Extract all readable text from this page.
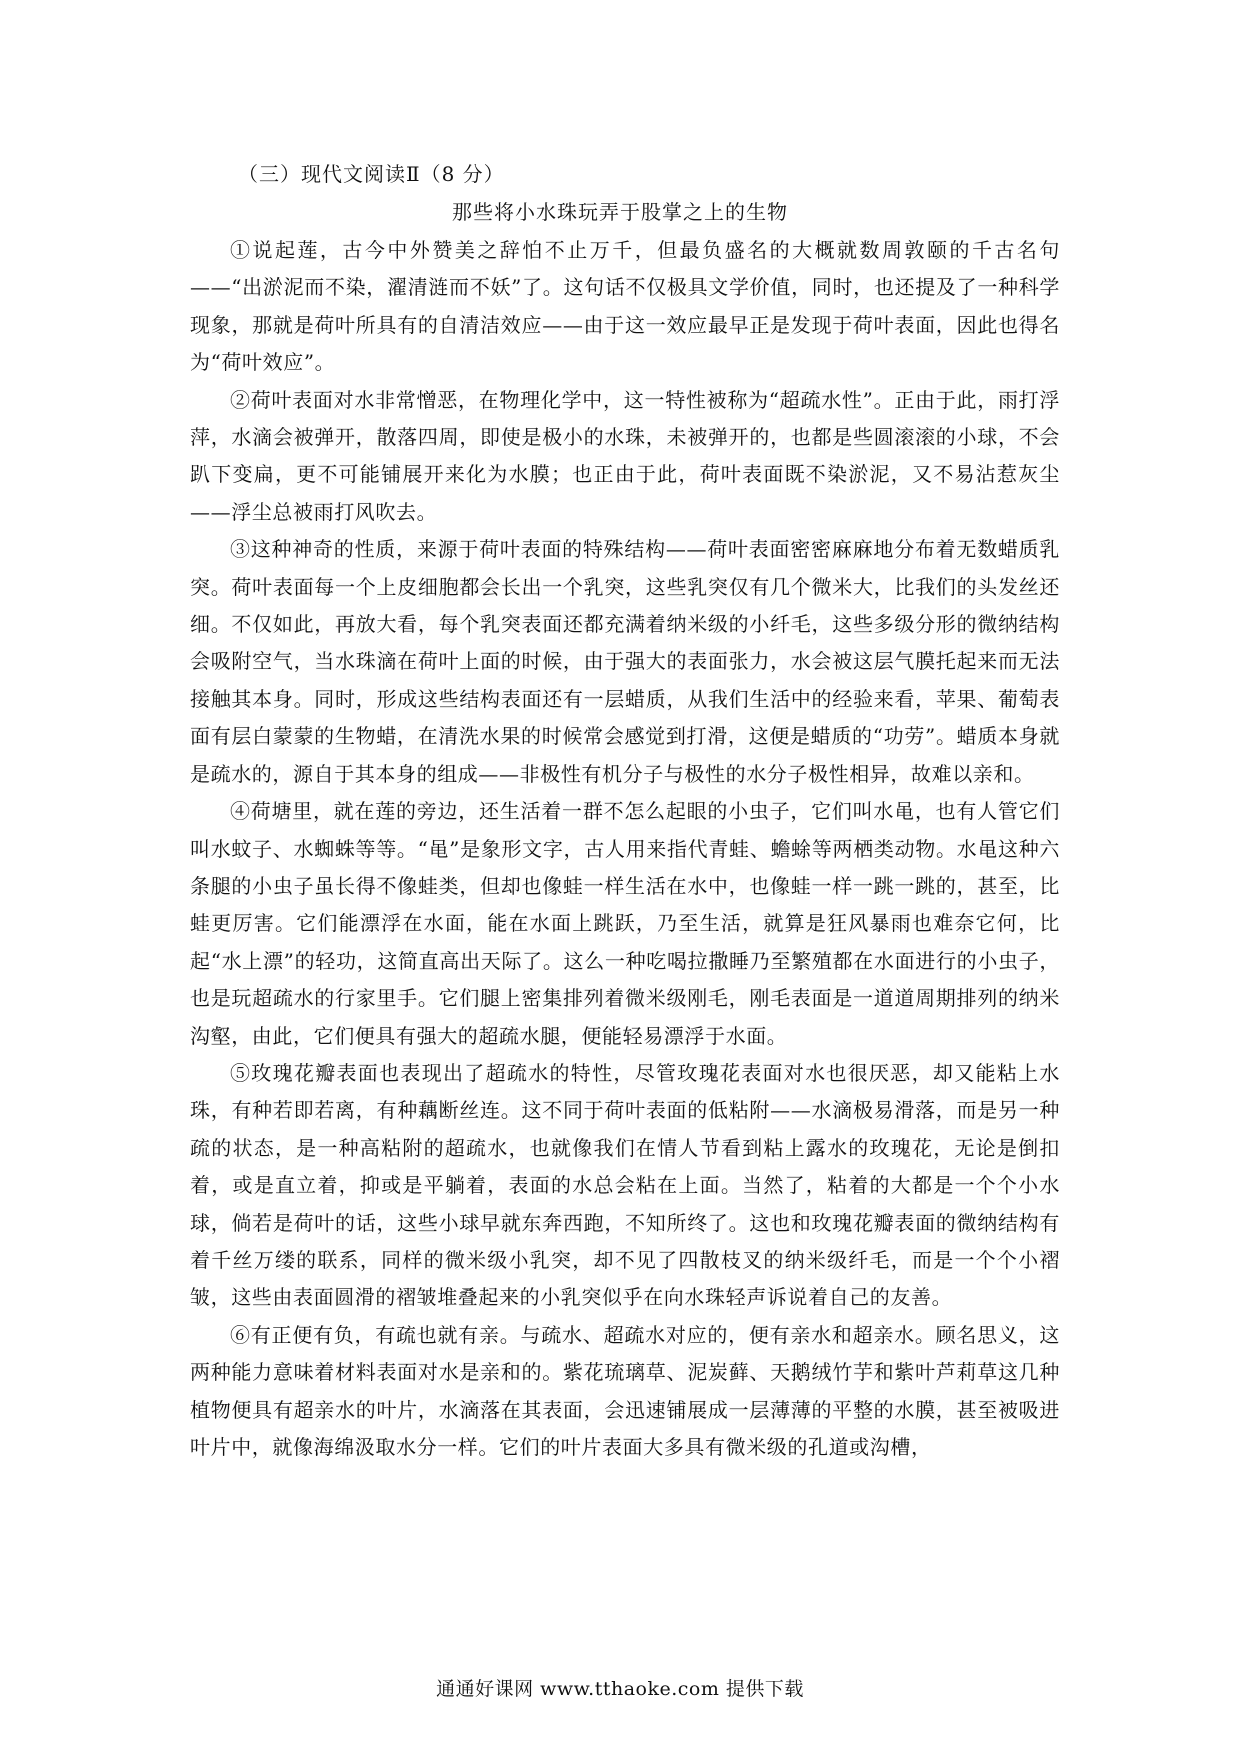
（三）现代文阅读Ⅱ（8 分）
那些将小水珠玩弄于股掌之上的生物

①说起莲，古今中外赞美之辞怕不止万千，但最负盛名的大概就数周敦颐的千古名句——“出淤泥而不染，濯清涟而不妖”了。这句话不仅极具文学价值，同时，也还提及了一种科学现象，那就是荷叶所具有的自清洁效应——由于这一效应最早正是发现于荷叶表面，因此也得名为“荷叶效应”。

②荷叶表面对水非常憎恶，在物理化学中，这一特性被称为“超疏水性”。正由于此，雨打浮萍，水滴会被弹开，散落四周，即使是极小的水珠，未被弹开的，也都是些圆滚滚的小球，不会趴下变扁，更不可能铺展开来化为水膜；也正由于此，荷叶表面既不染淤泥，又不易沾惹灰尘——浮尘总被雨打风吹去。

③这种神奇的性质，来源于荷叶表面的特殊结构——荷叶表面密密麻麻地分布着无数蜡质乳突。荷叶表面每一个上皮细胞都会长出一个乳突，这些乳突仅有几个微米大，比我们的头发丝还细。不仅如此，再放大看，每个乳突表面还都充满着纳米级的小纤毛，这些多级分形的微纳结构会吸附空气，当水珠滴在荷叶上面的时候，由于强大的表面张力，水会被这层气膜托起来而无法接触其本身。同时，形成这些结构表面还有一层蜡质，从我们生活中的经验来看，苹果、葡萄表面有层白蒙蒙的生物蜡，在清洗水果的时候常会感觉到打滑，这便是蜡质的“功劳”。蜡质本身就是疏水的，源自于其本身的组成——非极性有机分子与极性的水分子极性相异，故难以亲和。

④荷塘里，就在莲的旁边，还生活着一群不怎么起眼的小虫子，它们叫水黾，也有人管它们叫水蚊子、水蜘蛛等等。“黾”是象形文字，古人用来指代青蛙、蟾蜍等两栖类动物。水黾这种六条腿的小虫子虽长得不像蛙类，但却也像蛙一样生活在水中，也像蛙一样一跳一跳的，甚至，比蛙更厉害。它们能漂浮在水面，能在水面上跳跃，乃至生活，就算是狂风暴雨也难奈它何，比起“水上漂”的轻功，这简直高出天际了。这么一种吃喝拉撒睡乃至繁殖都在水面进行的小虫子，也是玩超疏水的行家里手。它们腿上密集排列着微米级刚毛，刚毛表面是一道道周期排列的纳米沟壑，由此，它们便具有强大的超疏水腿，便能轻易漂浮于水面。

⑤玫瑰花瓣表面也表现出了超疏水的特性，尽管玫瑰花表面对水也很厌恶，却又能粘上水珠，有种若即若离，有种藕断丝连。这不同于荷叶表面的低粘附——水滴极易滑落，而是另一种疏的状态，是一种高粘附的超疏水，也就像我们在情人节看到粘上露水的玫瑰花，无论是倒扣着，或是直立着，抑或是平躺着，表面的水总会粘在上面。当然了，粘着的大都是一个个小水球，倘若是荷叶的话，这些小球早就东奔西跑，不知所终了。这也和玫瑰花瓣表面的微纳结构有着千丝万缕的联系，同样的微米级小乳突，却不见了四散枝叉的纳米级纤毛，而是一个个小褶皱，这些由表面圆滑的褶皱堆叠起来的小乳突似乎在向水珠轻声诉说着自己的友善。

⑥有正便有负，有疏也就有亲。与疏水、超疏水对应的，便有亲水和超亲水。顾名思义，这两种能力意味着材料表面对水是亲和的。紫花琉璃草、泥炭藓、天鹅绒竹芋和紫叶芦莉草这几种植物便具有超亲水的叶片，水滴落在其表面，会迅速铺展成一层薄薄的平整的水膜，甚至被吸进叶片中，就像海绵汲取水分一样。它们的叶片表面大多具有微米级的孔道或沟槽，

通通好课网 www.tthaoke.com 提供下载
